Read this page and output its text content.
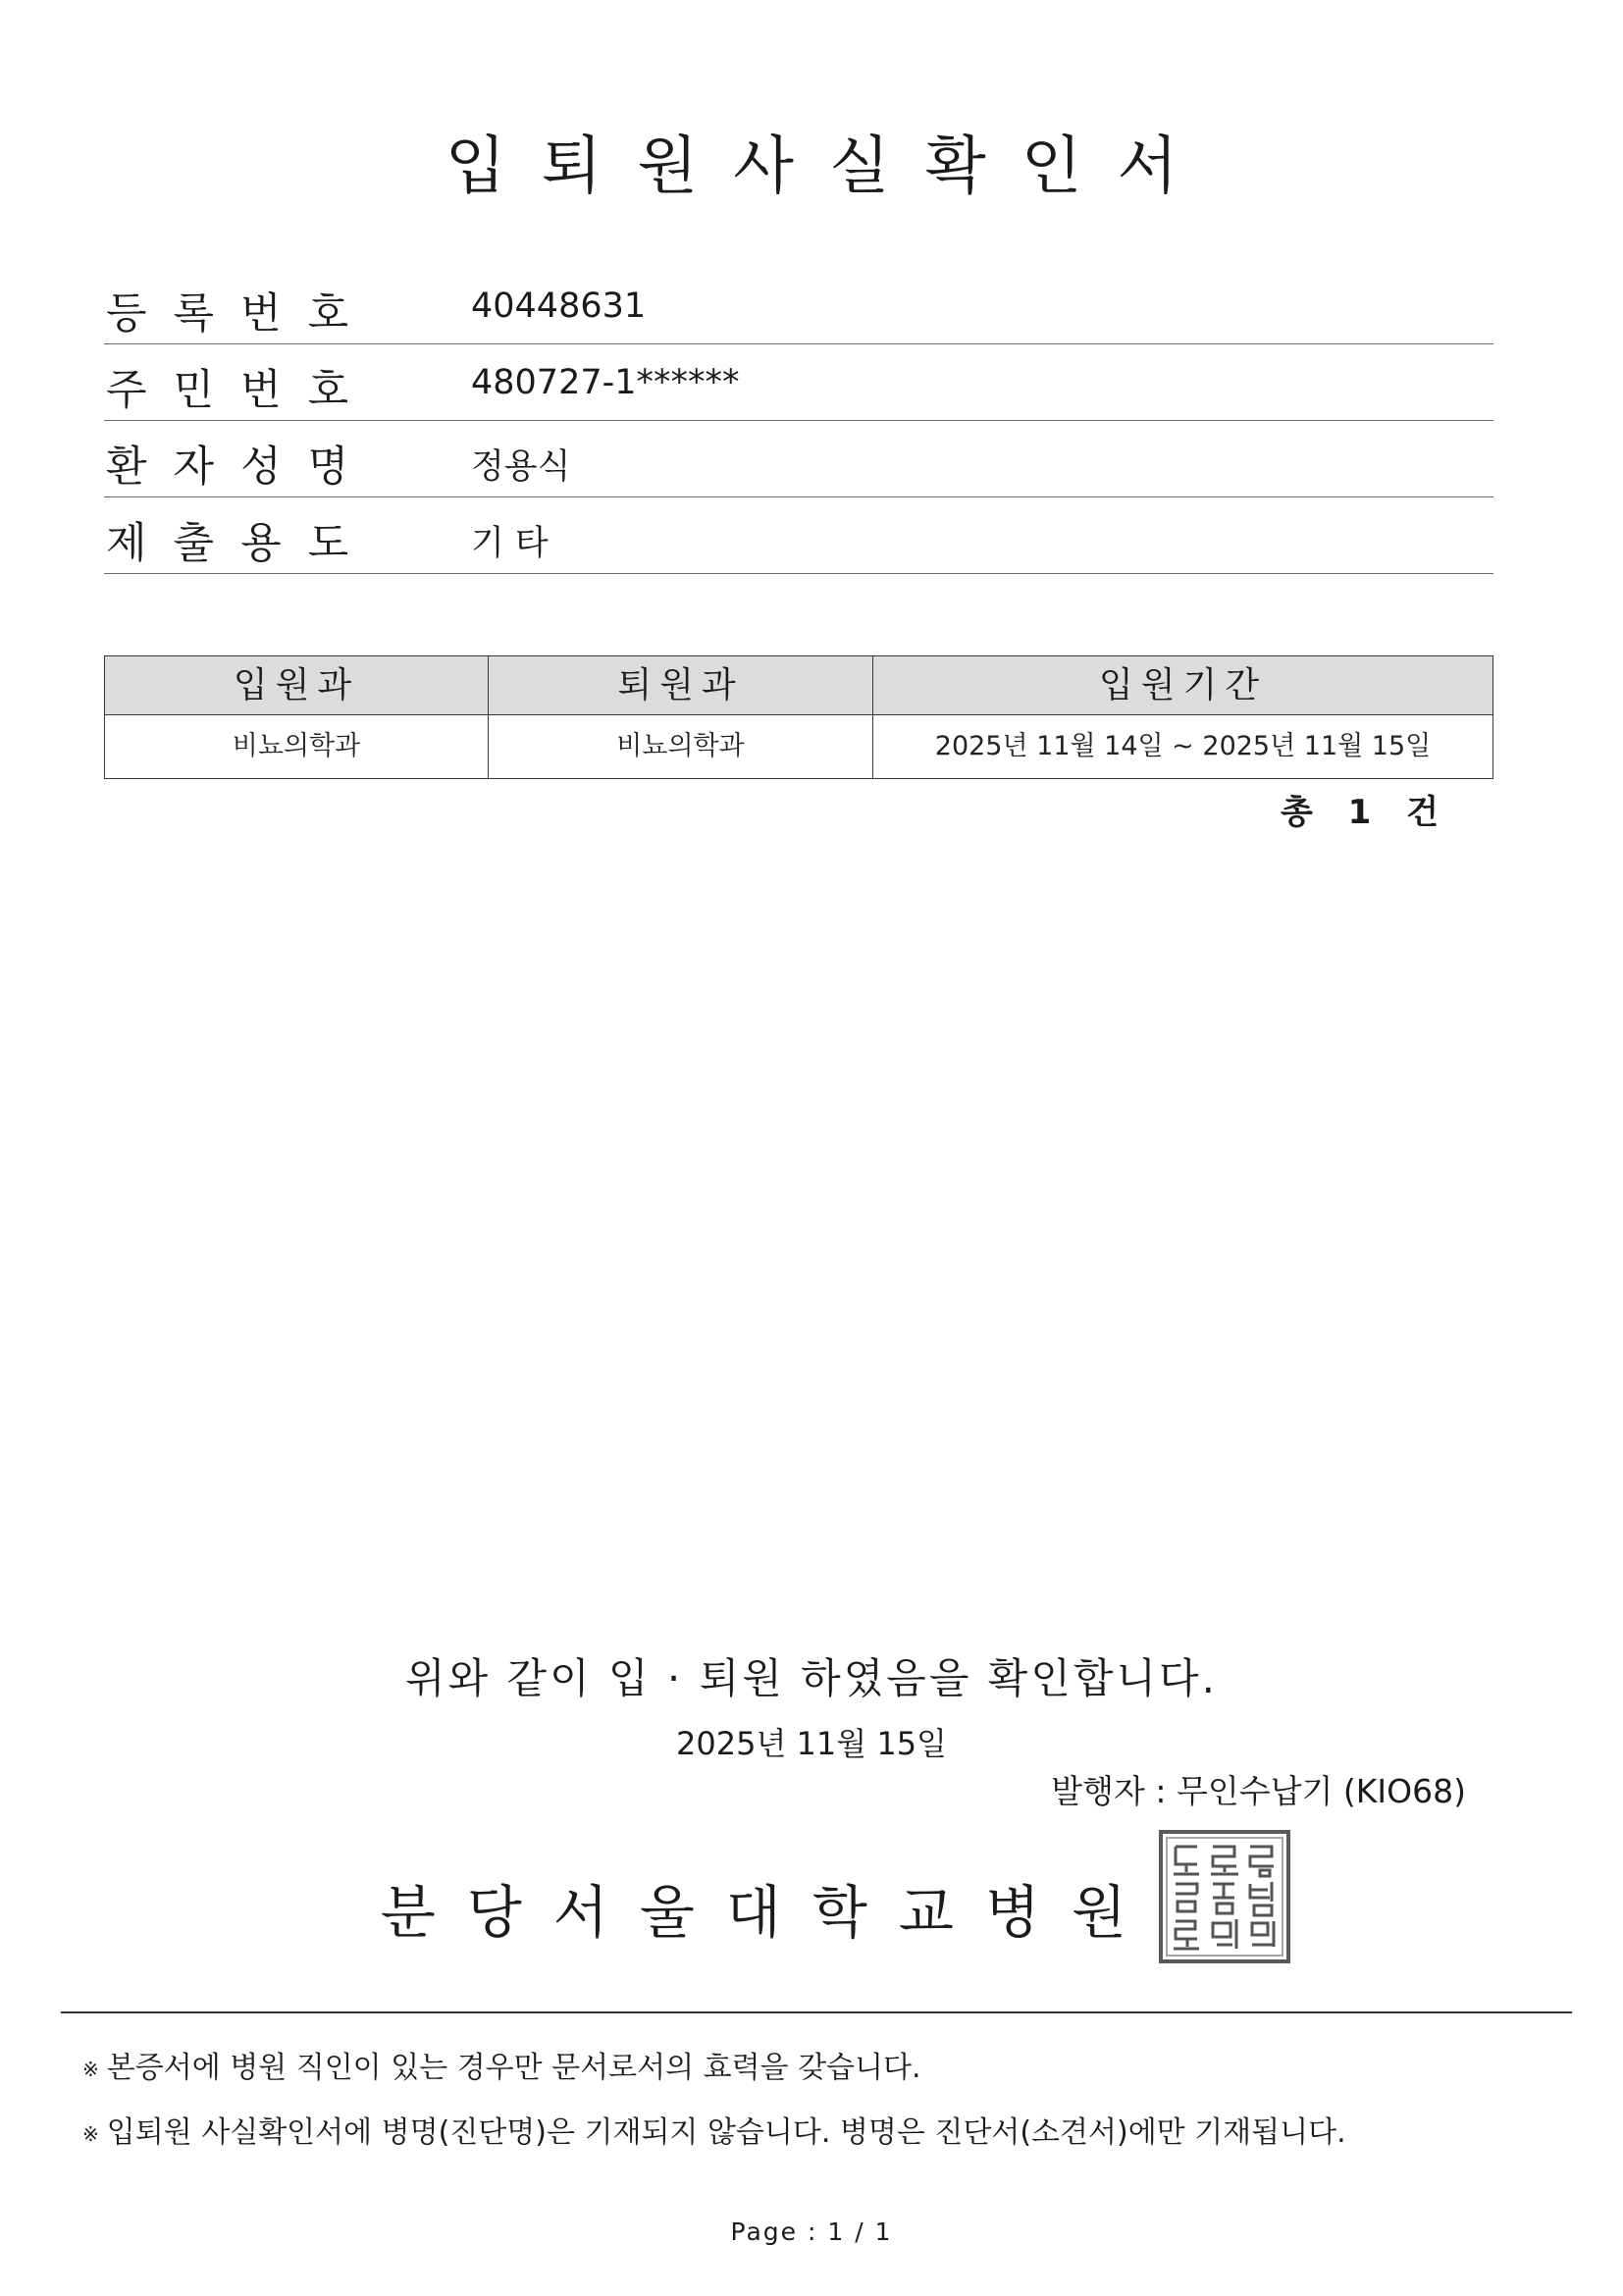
입퇴원사실확인서
등록번호	40448631
주민번호	480727-1******
환자성명	정용식
제출용도	기 타
입원과	퇴원과	입원기간
비뇨의학과	비뇨의학과	2025년 11월 14일 ~ 2025년 11월 15일
총 1 건
위와 같이 입 · 퇴원 하였음을 확인합니다.
2025년 11월 15일
발행자 : 무인수납기 (KIO68)
분당서울대학교병원
※ 본증서에 병원 직인이 있는 경우만 문서로서의 효력을 갖습니다.
※ 입퇴원 사실확인서에 병명(진단명)은 기재되지 않습니다. 병명은 진단서(소견서)에만 기재됩니다.
Page : 1 / 1
